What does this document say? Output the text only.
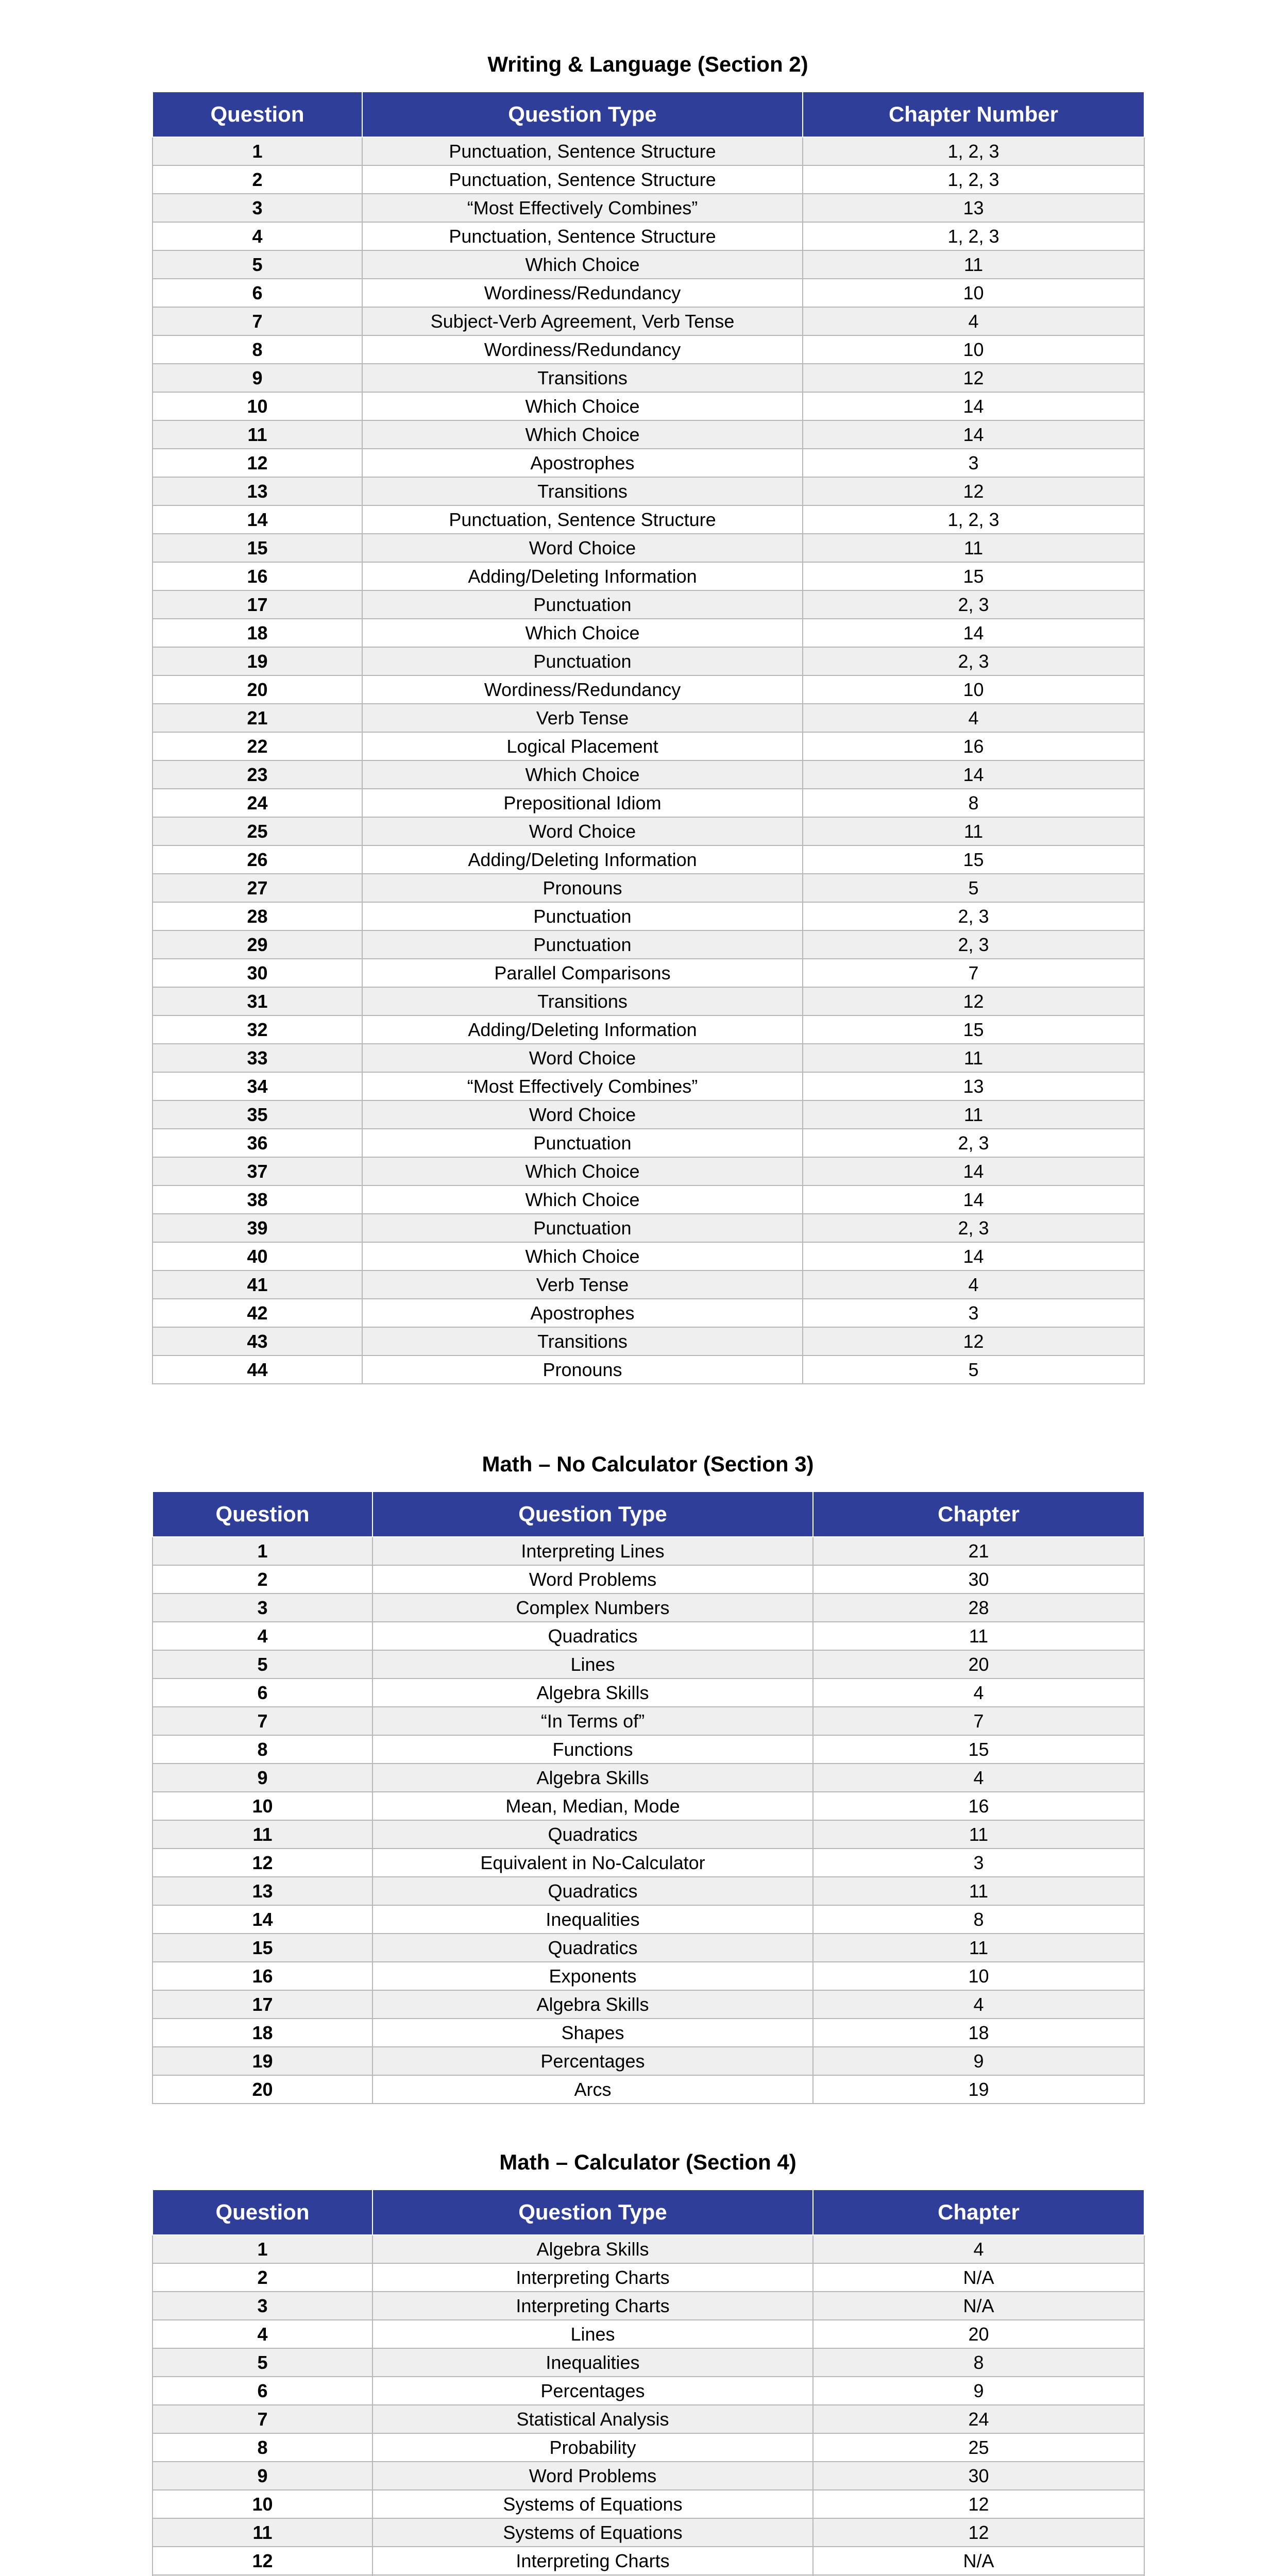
Writing & Language (Section 2)
Question	Question Type	Chapter Number
1	Punctuation, Sentence Structure	1, 2, 3
2	Punctuation, Sentence Structure	1, 2, 3
3	“Most Effectively Combines”	13
4	Punctuation, Sentence Structure	1, 2, 3
5	Which Choice	11
6	Wordiness/Redundancy	10
7	Subject-Verb Agreement, Verb Tense	4
8	Wordiness/Redundancy	10
9	Transitions	12
10	Which Choice	14
11	Which Choice	14
12	Apostrophes	3
13	Transitions	12
14	Punctuation, Sentence Structure	1, 2, 3
15	Word Choice	11
16	Adding/Deleting Information	15
17	Punctuation	2, 3
18	Which Choice	14
19	Punctuation	2, 3
20	Wordiness/Redundancy	10
21	Verb Tense	4
22	Logical Placement	16
23	Which Choice	14
24	Prepositional Idiom	8
25	Word Choice	11
26	Adding/Deleting Information	15
27	Pronouns	5
28	Punctuation	2, 3
29	Punctuation	2, 3
30	Parallel Comparisons	7
31	Transitions	12
32	Adding/Deleting Information	15
33	Word Choice	11
34	“Most Effectively Combines”	13
35	Word Choice	11
36	Punctuation	2, 3
37	Which Choice	14
38	Which Choice	14
39	Punctuation	2, 3
40	Which Choice	14
41	Verb Tense	4
42	Apostrophes	3
43	Transitions	12
44	Pronouns	5
Math – No Calculator (Section 3)
Question	Question Type	Chapter
1	Interpreting Lines	21
2	Word Problems	30
3	Complex Numbers	28
4	Quadratics	11
5	Lines	20
6	Algebra Skills	4
7	“In Terms of”	7
8	Functions	15
9	Algebra Skills	4
10	Mean, Median, Mode	16
11	Quadratics	11
12	Equivalent in No-Calculator	3
13	Quadratics	11
14	Inequalities	8
15	Quadratics	11
16	Exponents	10
17	Algebra Skills	4
18	Shapes	18
19	Percentages	9
20	Arcs	19
Math – Calculator (Section 4)
Question	Question Type	Chapter
1	Algebra Skills	4
2	Interpreting Charts	N/A
3	Interpreting Charts	N/A
4	Lines	20
5	Inequalities	8
6	Percentages	9
7	Statistical Analysis	24
8	Probability	25
9	Word Problems	30
10	Systems of Equations	12
11	Systems of Equations	12
12	Interpreting Charts	N/A
